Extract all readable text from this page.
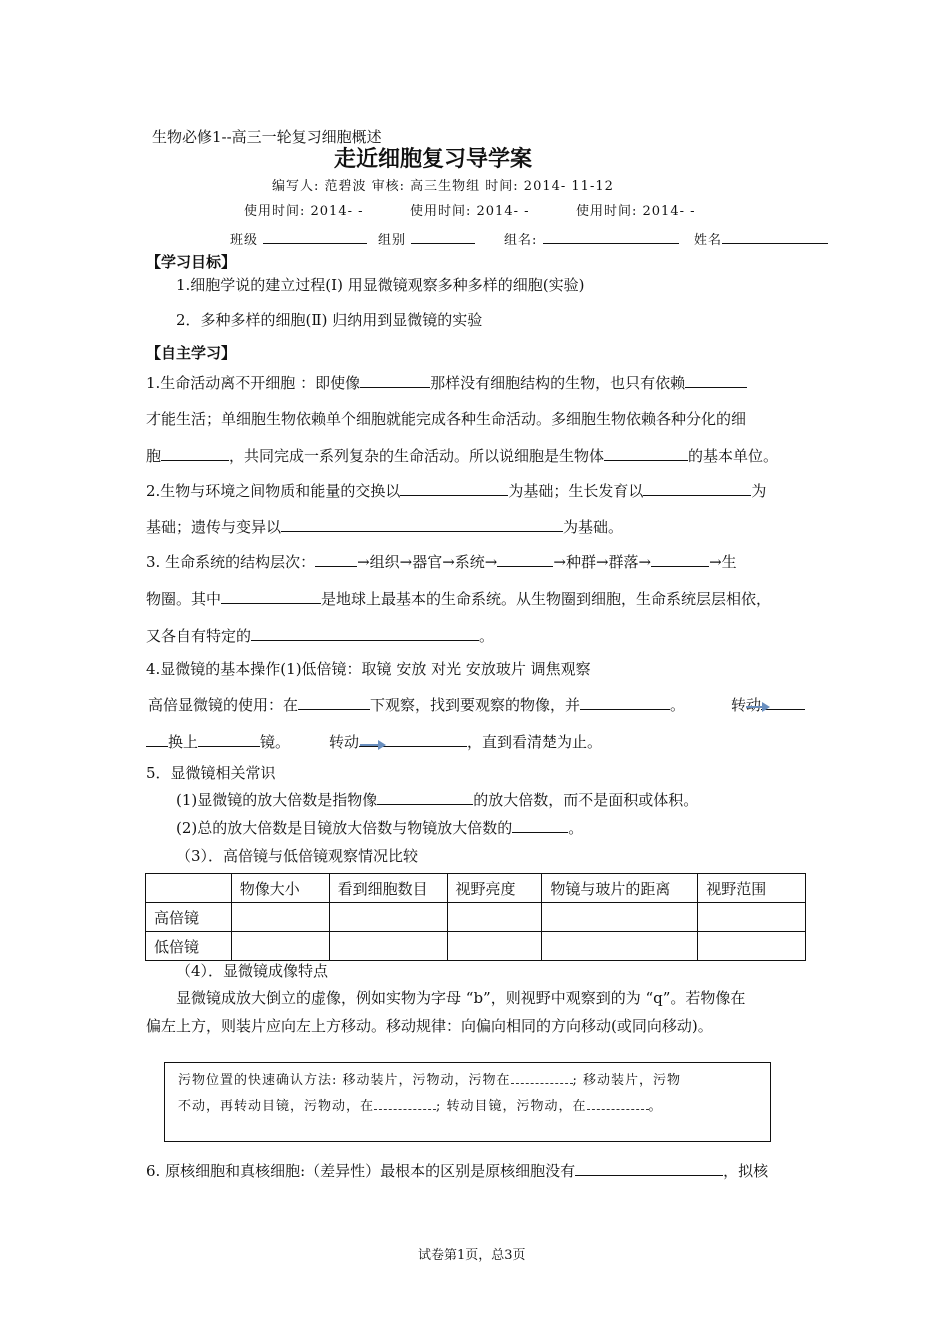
生物必修1--高三一轮复习细胞概述
走近细胞复习导学案
编写人: 范碧波 审核: 高三生物组 时间: 2014- 11-12
使用时间: 2014- -	使用时间: 2014- -	使用时间: 2014- -
班级	组别	组名:	姓名
【学习目标】
1.细胞学说的建立过程(Ⅰ) 用显微镜观察多种多样的细胞(实验)
2．多种多样的细胞(Ⅱ) 归纳用到显微镜的实验
【自主学习】
1.生命活动离不开细胞 ：即使像	那样没有细胞结构的生物，也只有依赖
才能生活；单细胞生物依赖单个细胞就能完成各种生命活动。多细胞生物依赖各种分化的细
胞	，共同完成一系列复杂的生命活动。所以说细胞是生物体	的基本单位。
2.生物与环境之间物质和能量的交换以	为基础；生长发育以	为
基础；遗传与变异以	为基础。
3. 生命系统的结构层次：	→组织→器官→系统→	→种群→群落→	→生
物圈。其中	是地球上最基本的生命系统。从生物圈到细胞，生命系统层层相依，
又各自有特定的	。
4.显微镜的基本操作(1)低倍镜：取镜 安放 对光 安放玻片 调焦观察
高倍显微镜的使用：在	下观察，找到要观察的物像，并	。	转动
换上	镜。	转动	，直到看清楚为止。
5．显微镜相关常识
(1)显微镜的放大倍数是指物像	的放大倍数，而不是面积或体积。
(2)总的放大倍数是目镜放大倍数与物镜放大倍数的	。
（3）．高倍镜与低倍镜观察情况比较
	物像大小	看到细胞数目	视野亮度	物镜与玻片的距离	视野范围
高倍镜					
低倍镜					
（4）．显微镜成像特点
显微镜成放大倒立的虚像，例如实物为字母 “b”，则视野中观察到的为 “q”。若物像在
偏左上方，则装片应向左上方移动。移动规律：向偏向相同的方向移动(或同向移动)。
污物位置的快速确认方法: 移动装片，污物动，污物在	; 移动装片，污物
不动，再转动目镜，污物动，在	; 转动目镜，污物动，在	。
6. 原核细胞和真核细胞:（差异性）最根本的区别是原核细胞没有	，拟核
试卷第1页，总3页
